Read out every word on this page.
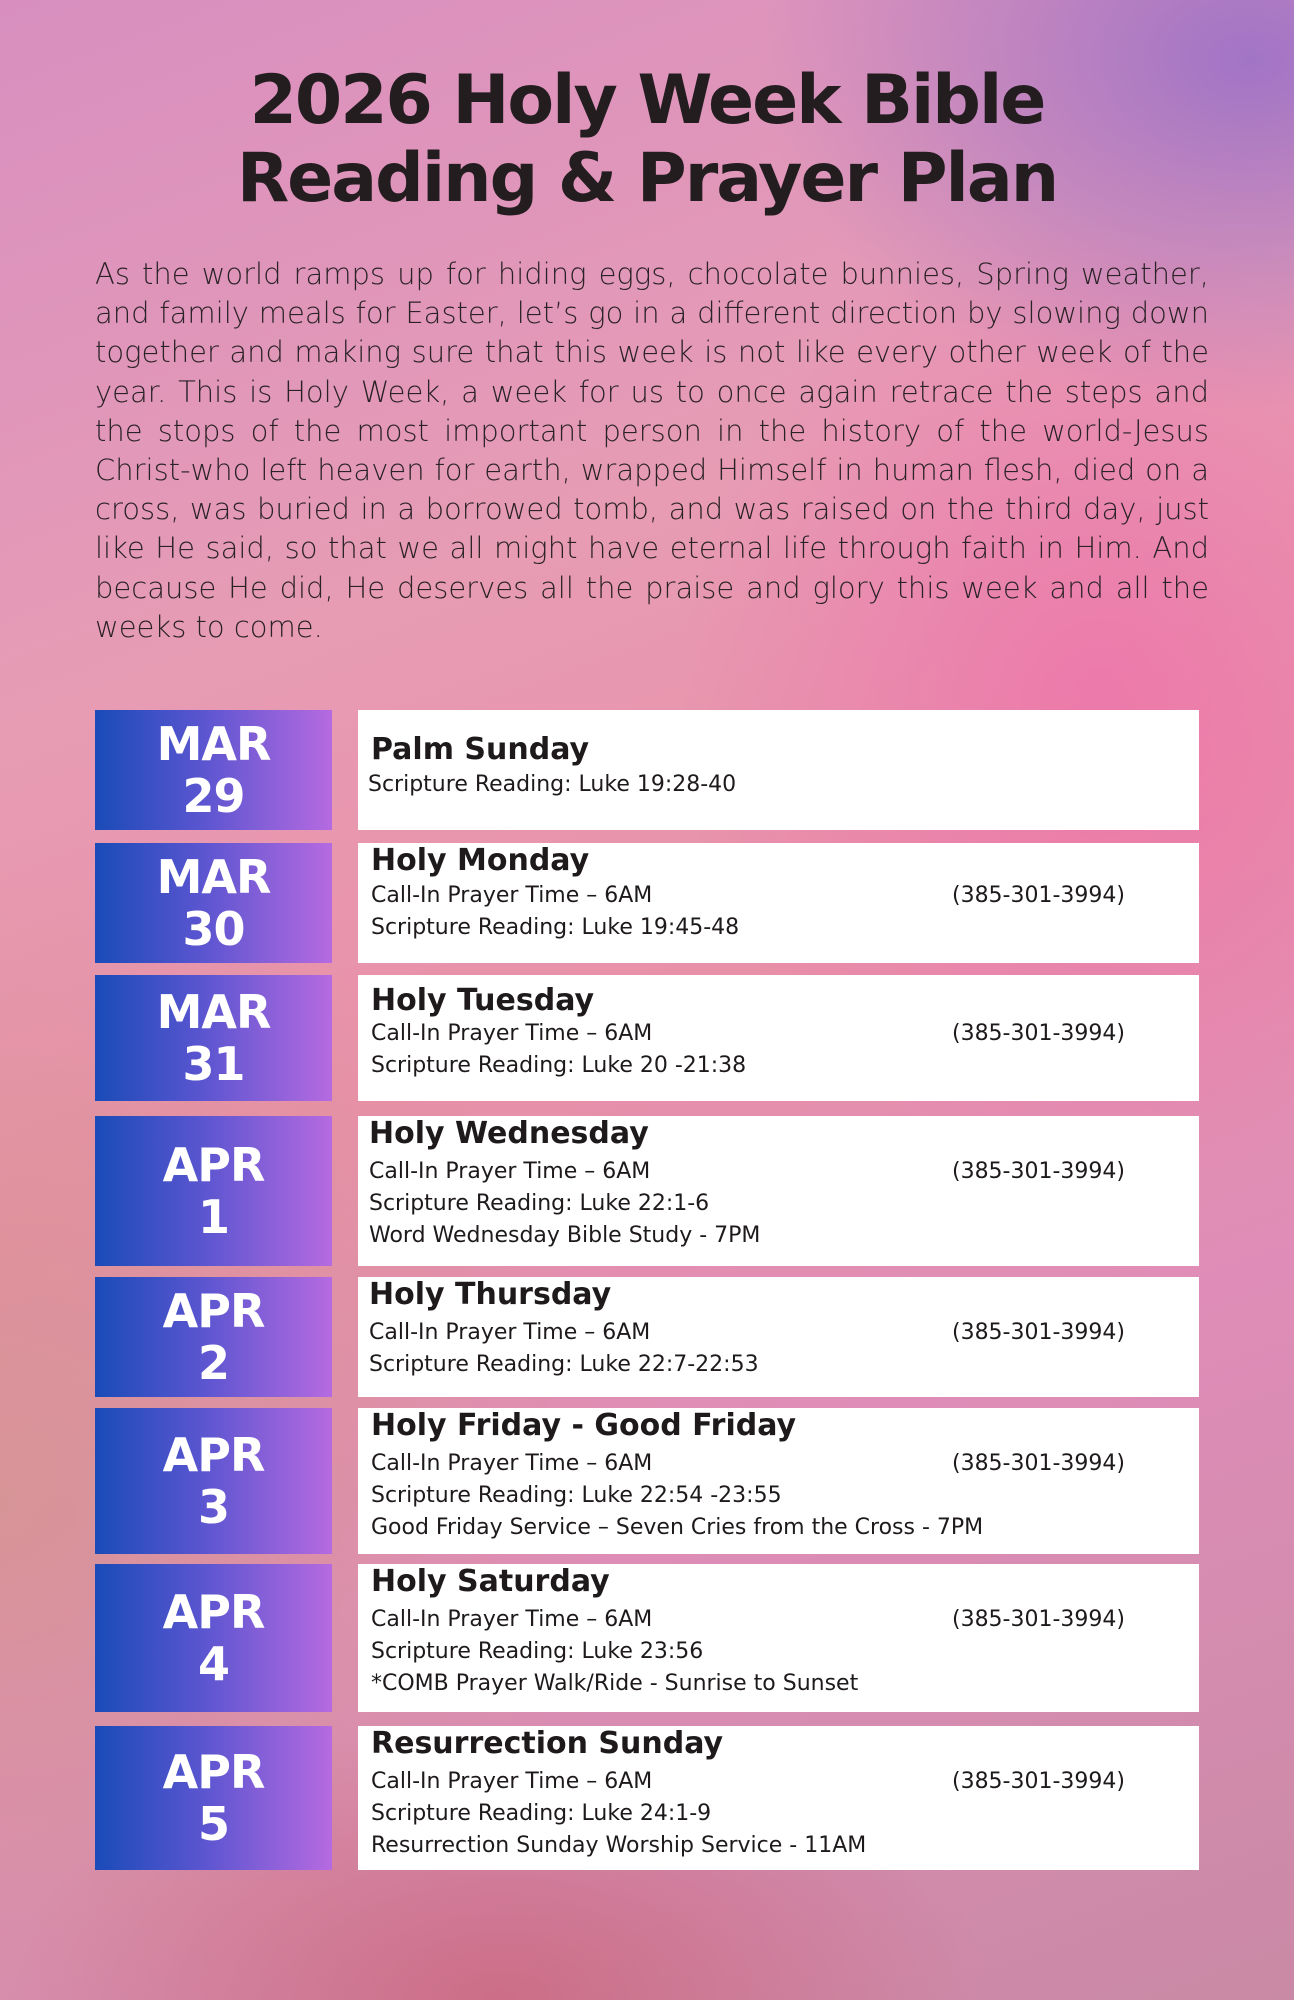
2026 Holy Week Bible
Reading & Prayer Plan

As the world ramps up for hiding eggs, chocolate bunnies, Spring weather, and family meals for Easter, let’s go in a different direction by slowing down together and making sure that this week is not like every other week of the year. This is Holy Week, a week for us to once again retrace the steps and the stops of the most important person in the history of the world-Jesus Christ-who left heaven for earth, wrapped Himself in human flesh, died on a cross, was buried in a borrowed tomb, and was raised on the third day, just like He said, so that we all might have eternal life through faith in Him. And because He did, He deserves all the praise and glory this week and all the weeks to come.

MAR
29
Palm Sunday
Scripture Reading: Luke 19:28-40
MAR
30
Holy Monday
Call-In Prayer Time – 6AM	(385-301-3994)
Scripture Reading: Luke 19:45-48
MAR
31
Holy Tuesday
Call-In Prayer Time – 6AM	(385-301-3994)
Scripture Reading: Luke 20 -21:38
APR
1
Holy Wednesday
Call-In Prayer Time – 6AM	(385-301-3994)
Scripture Reading: Luke 22:1-6
Word Wednesday Bible Study - 7PM
APR
2
Holy Thursday
Call-In Prayer Time – 6AM	(385-301-3994)
Scripture Reading: Luke 22:7-22:53
APR
3
Holy Friday - Good Friday
Call-In Prayer Time – 6AM	(385-301-3994)
Scripture Reading: Luke 22:54 -23:55
Good Friday Service – Seven Cries from the Cross - 7PM
APR
4
Holy Saturday
Call-In Prayer Time – 6AM	(385-301-3994)
Scripture Reading: Luke 23:56
*COMB Prayer Walk/Ride - Sunrise to Sunset
APR
5
Resurrection Sunday
Call-In Prayer Time – 6AM	(385-301-3994)
Scripture Reading: Luke 24:1-9
Resurrection Sunday Worship Service - 11AM
